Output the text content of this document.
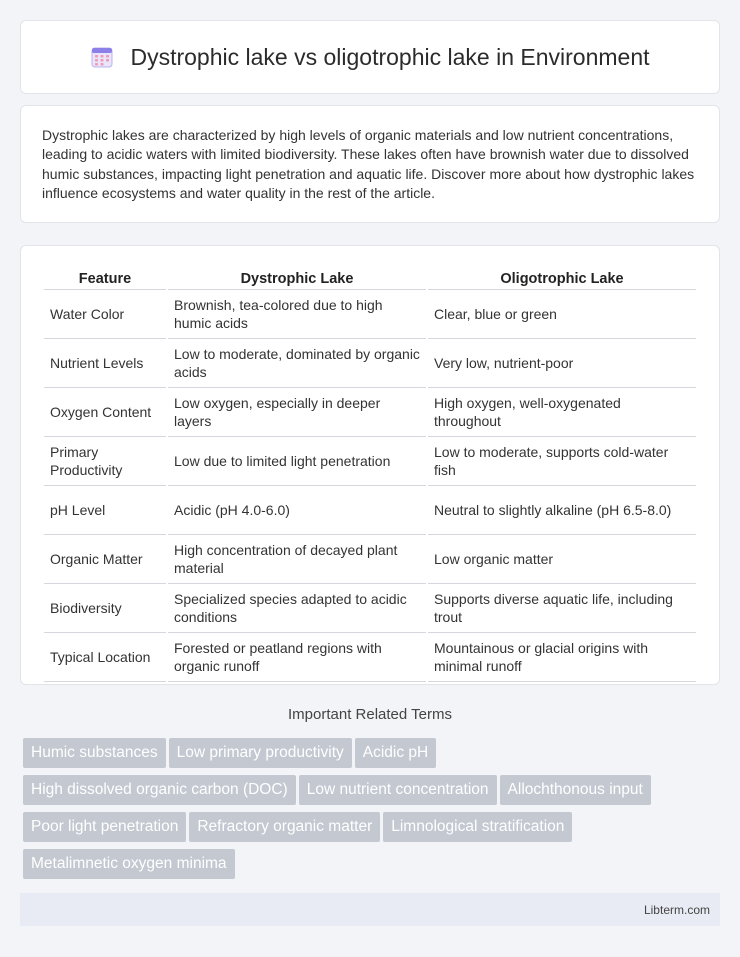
Dystrophic lake vs oligotrophic lake in Environment

Dystrophic lakes are characterized by high levels of organic materials and low nutrient concentrations, leading to acidic waters with limited biodiversity. These lakes often have brownish water due to dissolved humic substances, impacting light penetration and aquatic life. Discover more about how dystrophic lakes influence ecosystems and water quality in the rest of the article.

Feature	Dystrophic Lake	Oligotrophic Lake
Water Color	Brownish, tea-colored due to high humic acids	Clear, blue or green
Nutrient Levels	Low to moderate, dominated by organic acids	Very low, nutrient-poor
Oxygen Content	Low oxygen, especially in deeper layers	High oxygen, well-oxygenated throughout
Primary Productivity	Low due to limited light penetration	Low to moderate, supports cold-water fish
pH Level	Acidic (pH 4.0-6.0)	Neutral to slightly alkaline (pH 6.5-8.0)
Organic Matter	High concentration of decayed plant material	Low organic matter
Biodiversity	Specialized species adapted to acidic conditions	Supports diverse aquatic life, including trout
Typical Location	Forested or peatland regions with organic runoff	Mountainous or glacial origins with minimal runoff
Important Related Terms
Humic substances Low primary productivity Acidic pHHigh dissolved organic carbon (DOC) Low nutrient concentration Allochthonous inputPoor light penetration Refractory organic matter Limnological stratificationMetalimnetic oxygen minima
Libterm.com
